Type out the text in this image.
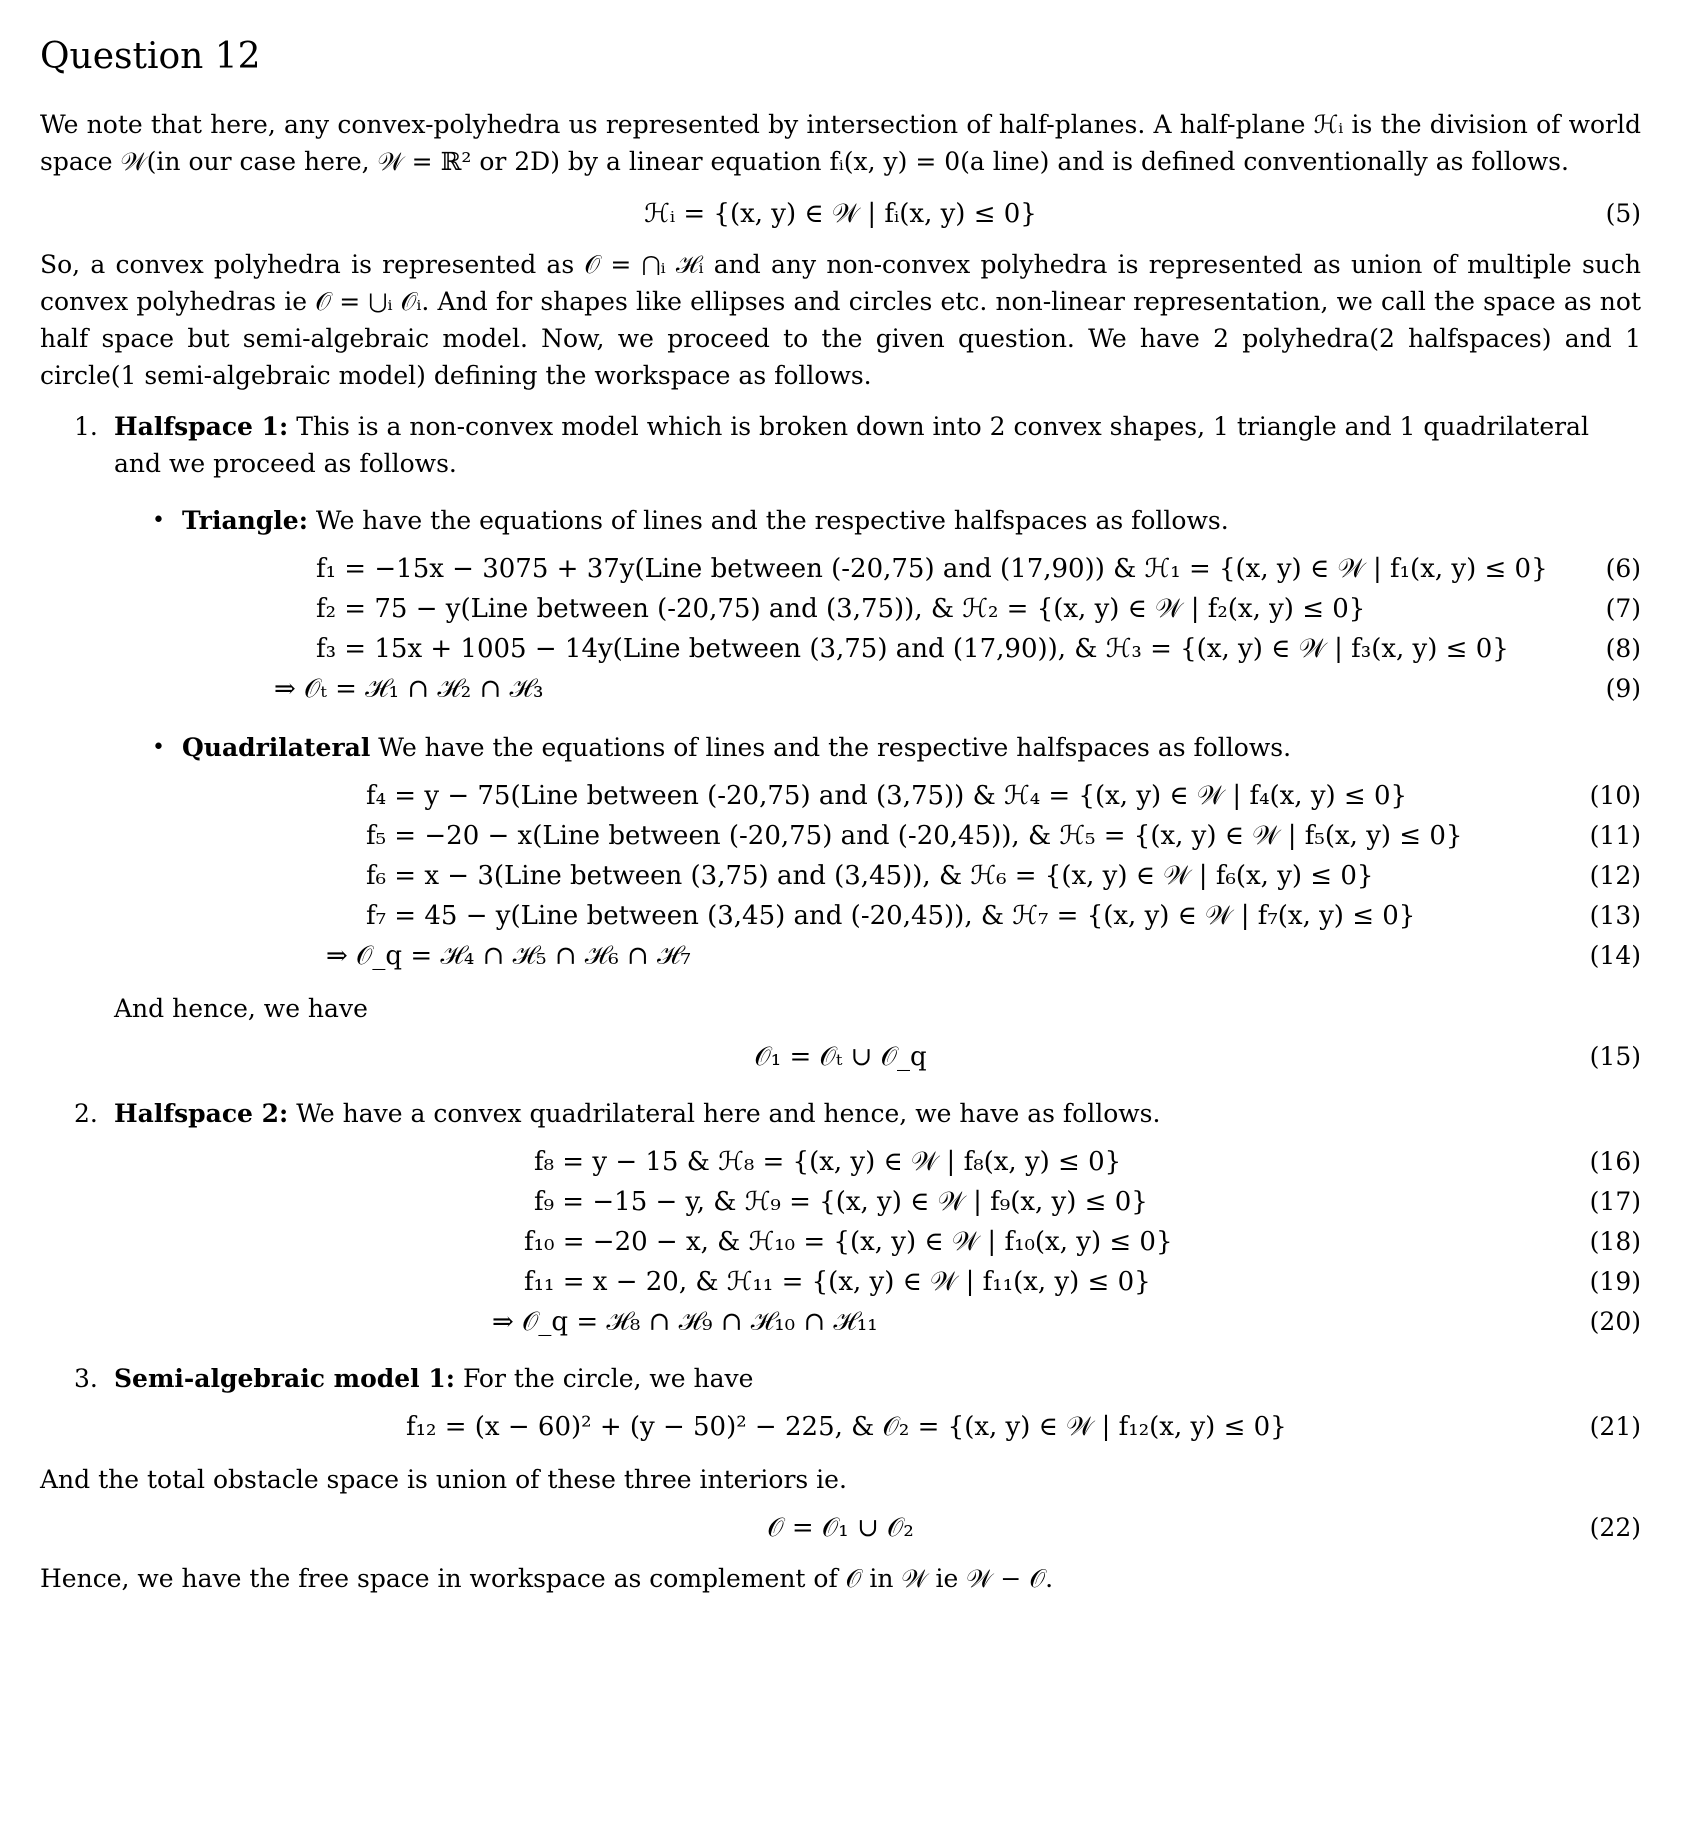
Question 12

We note that here, any convex-polyhedra us represented by intersection of half-planes. A half-plane ℋᵢ is the division of world space 𝒲(in our case here, 𝒲 = ℝ² or 2D) by a linear equation fᵢ(x, y) = 0(a line) and is defined conventionally as follows.

ℋᵢ = {(x, y) ∈ 𝒲 | fᵢ(x, y) ≤ 0}	(5)

So, a convex polyhedra is represented as 𝒪 = ⋂ᵢ ℋᵢ and any non-convex polyhedra is represented as union of multiple such convex polyhedras ie 𝒪 = ⋃ᵢ 𝒪ᵢ. And for shapes like ellipses and circles etc. non-linear representation, we call the space as not half space but semi-algebraic model. Now, we proceed to the given question. We have 2 polyhedra(2 halfspaces) and 1 circle(1 semi-algebraic model) defining the workspace as follows.

1. Halfspace 1: This is a non-convex model which is broken down into 2 convex shapes, 1 triangle and 1 quadrilateral and we proceed as follows.
• Triangle: We have the equations of lines and the respective halfspaces as follows.
f₁ = −15x − 3075 + 37y(Line between (-20,75) and (17,90)) & ℋ₁ = {(x, y) ∈ 𝒲 | f₁(x, y) ≤ 0} (6)
f₂ = 75 − y(Line between (-20,75) and (3,75)), & ℋ₂ = {(x, y) ∈ 𝒲 | f₂(x, y) ≤ 0}	(7)
f₃ = 15x + 1005 − 14y(Line between (3,75) and (17,90)), & ℋ₃ = {(x, y) ∈ 𝒲 | f₃(x, y) ≤ 0}	(8)
⇒ 𝒪ₜ = ℋ₁ ∩ ℋ₂ ∩ ℋ₃	(9)
• Quadrilateral We have the equations of lines and the respective halfspaces as follows.
f₄ = y − 75(Line between (-20,75) and (3,75)) & ℋ₄ = {(x, y) ∈ 𝒲 | f₄(x, y) ≤ 0}	(10)
f₅ = −20 − x(Line between (-20,75) and (-20,45)), & ℋ₅ = {(x, y) ∈ 𝒲 | f₅(x, y) ≤ 0}	(11)
f₆ = x − 3(Line between (3,75) and (3,45)), & ℋ₆ = {(x, y) ∈ 𝒲 | f₆(x, y) ≤ 0}	(12)
f₇ = 45 − y(Line between (3,45) and (-20,45)), & ℋ₇ = {(x, y) ∈ 𝒲 | f₇(x, y) ≤ 0}	(13)
⇒ 𝒪_q = ℋ₄ ∩ ℋ₅ ∩ ℋ₆ ∩ ℋ₇	(14)
And hence, we have
𝒪₁ = 𝒪ₜ ∪ 𝒪_q	(15)
2. Halfspace 2: We have a convex quadrilateral here and hence, we have as follows.
f₈ = y − 15 & ℋ₈ = {(x, y) ∈ 𝒲 | f₈(x, y) ≤ 0}	(16)
f₉ = −15 − y, & ℋ₉ = {(x, y) ∈ 𝒲 | f₉(x, y) ≤ 0}	(17)
f₁₀ = −20 − x, & ℋ₁₀ = {(x, y) ∈ 𝒲 | f₁₀(x, y) ≤ 0}	(18)
f₁₁ = x − 20, & ℋ₁₁ = {(x, y) ∈ 𝒲 | f₁₁(x, y) ≤ 0}	(19)
⇒ 𝒪_q = ℋ₈ ∩ ℋ₉ ∩ ℋ₁₀ ∩ ℋ₁₁	(20)
3. Semi-algebraic model 1: For the circle, we have
f₁₂ = (x − 60)² + (y − 50)² − 225, & 𝒪₂ = {(x, y) ∈ 𝒲 | f₁₂(x, y) ≤ 0}	(21)

And the total obstacle space is union of these three interiors ie.

𝒪 = 𝒪₁ ∪ 𝒪₂	(22)

Hence, we have the free space in workspace as complement of 𝒪 in 𝒲 ie 𝒲 − 𝒪.
